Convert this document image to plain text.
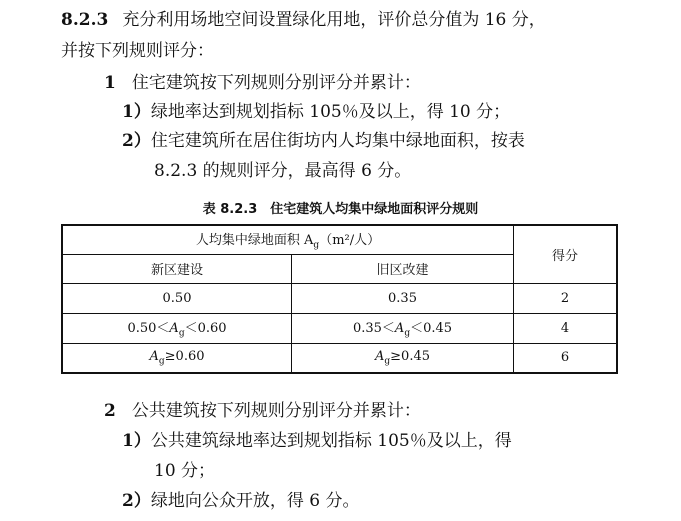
8.2.3 充分利用场地空间设置绿化用地，评价总分值为 16 分，
并按下列规则评分：
1 住宅建筑按下列规则分别评分并累计：
1）绿地率达到规划指标 105％及以上，得 10 分；
2）住宅建筑所在居住街坊内人均集中绿地面积，按表
8.2.3 的规则评分，最高得 6 分。
表 8.2.3　住宅建筑人均集中绿地面积评分规则
人均集中绿地面积 $A_g(m^2/$人）		得分
新区建设	旧区改建	
0.50	0.35	2
$0.50<A_g<0.60$	$0.35<A_g<0.45$	4
$A_g\ge 0.60$	$A_g\ge 0.45$	6
2 公共建筑按下列规则分别评分并累计：
1）公共建筑绿地率达到规划指标 105％及以上，得
10 分；
2）绿地向公众开放，得 6 分。
